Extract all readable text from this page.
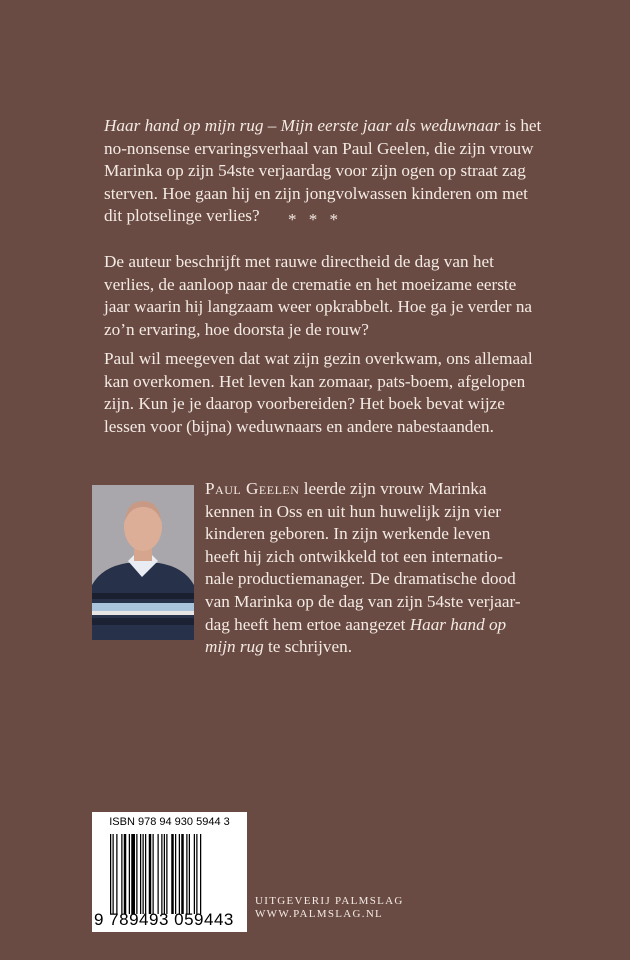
Haar hand op mijn rug – Mijn eerste jaar als weduwnaar is het
no-nonsense ervaringsverhaal van Paul Geelen, die zijn vrouw
Marinka op zijn 54ste verjaardag voor zijn ogen op straat zag
sterven. Hoe gaan hij en zijn jongvolwassen kinderen om met
dit plotselinge verlies?	* * *
De auteur beschrijft met rauwe directheid de dag van het
verlies, de aanloop naar de crematie en het moeizame eerste
jaar waarin hij langzaam weer opkrabbelt. Hoe ga je verder na
zo’n ervaring, hoe doorsta je de rouw?
Paul wil meegeven dat wat zijn gezin overkwam, ons allemaal
kan overkomen. Het leven kan zomaar, pats-boem, afgelopen
zijn. Kun je je daarop voorbereiden? Het boek bevat wijze
lessen voor (bijna) weduwnaars en andere nabestaanden.
Paul Geelen leerde zijn vrouw Marinka
kennen in Oss en uit hun huwelijk zijn vier
kinderen geboren. In zijn werkende leven
heeft hij zich ontwikkeld tot een internatio-
nale productiemanager. De dramatische dood
van Marinka op de dag van zijn 54ste verjaar-
dag heeft hem ertoe aangezet Haar hand op
mijn rug te schrijven.
ISBN 978 94 930 5944 3
9 789493 059443
UITGEVERIJ PALMSLAG
WWW.PALMSLAG.NL
